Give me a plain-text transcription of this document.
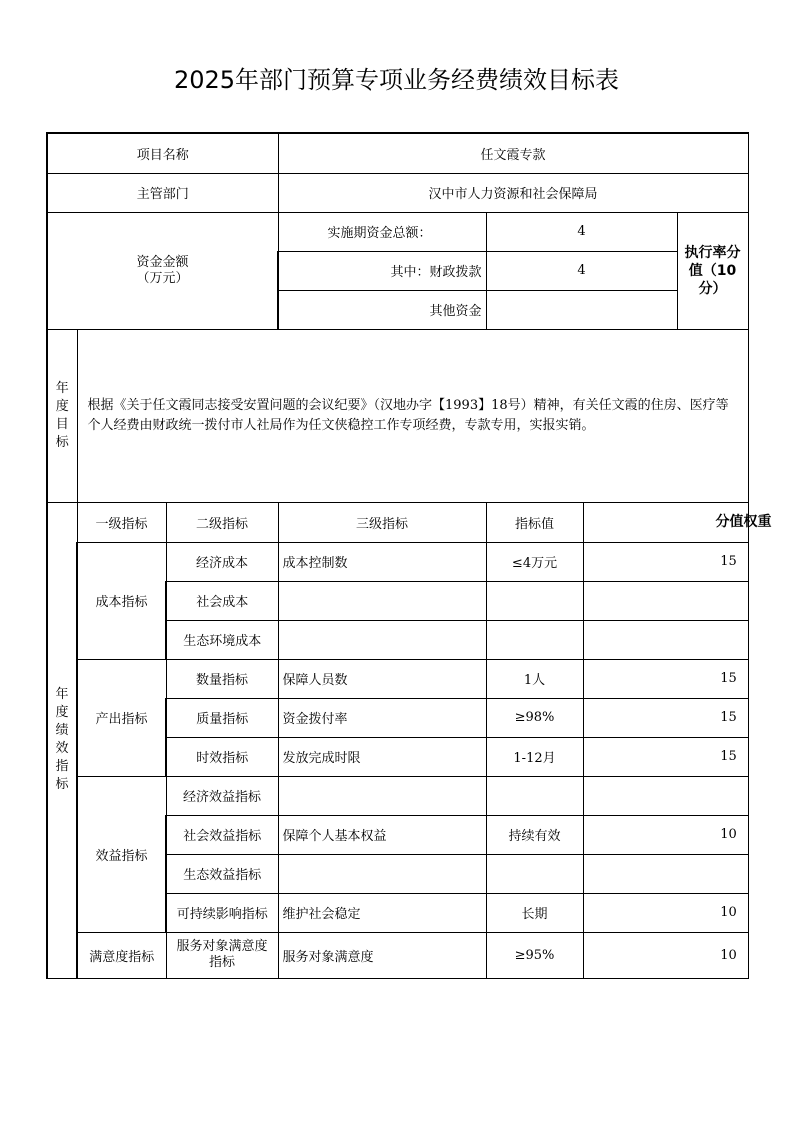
2025年部门预算专项业务经费绩效目标表
项目名称			任文霞专款			
主管部门			汉中市人力资源和社会保障局			

资金金额
（万元）			实施期资金总额：	4		执行率分值（10分）
			其中：财政拨款	4		
			其他资金			
年度目标	根据《关于任文霞同志接受安置问题的会议纪要》（汉地办字【1993】18号）精神，有关任文霞的住房、医疗等个人经费由财政统一拨付市人社局作为任文侠稳控工作专项经费，专款专用，实报实销。					
年度绩效指标	一级指标	二级指标	三级指标	指标值	分值权重	

	成本指标	经济成本	成本控制数	≤4万元	15	
		社会成本				
		生态环境成本				
	产出指标	数量指标	保障人员数	1人	15	
		质量指标	资金拨付率	≥98%	15	
		时效指标	发放完成时限	1-12月	15	
	效益指标	经济效益指标				
		社会效益指标	保障个人基本权益	持续有效	10	
		生态效益指标				
		可持续影响指标	维护社会稳定	长期	10	
	满意度指标	服务对象满意度指标	服务对象满意度	≥95%	10	
